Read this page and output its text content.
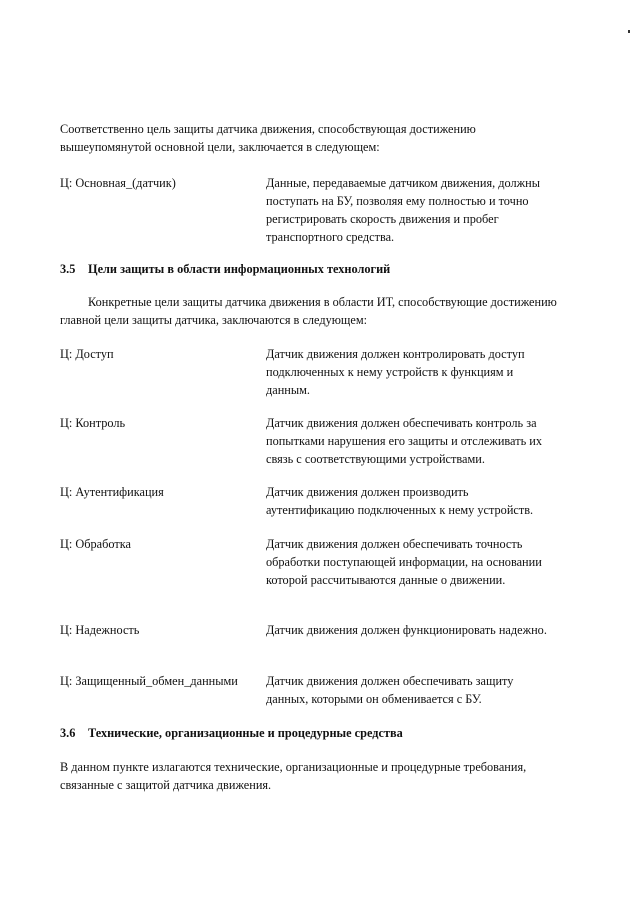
Соответственно цель защиты датчика движения, способствующая достижению вышеупомянутой основной цели, заключается в следующем:

Ц: Основная_(датчик)	Данные, передаваемые датчиком движения, должны поступать на БУ, позволяя ему полностью и точно регистрировать скорость движения и пробег транспортного средства.
3.5 Цели защиты в области информационных технологий

Конкретные цели защиты датчика движения в области ИТ, способствующие достижению главной цели защиты датчика, заключаются в следующем:

Ц: Доступ	Датчик движения должен контролировать доступ подключенных к нему устройств к функциям и данным.
Ц: Контроль	Датчик движения должен обеспечивать контроль за попытками нарушения его защиты и отслеживать их связь с соответствующими устройствами.
Ц: Аутентификация	Датчик движения должен производить аутентификацию подключенных к нему устройств.
Ц: Обработка	Датчик движения должен обеспечивать точность обработки поступающей информации, на основании которой рассчитываются данные о движении.
Ц: Надежность	Датчик движения должен функционировать надежно.
Ц: Защищенный_обмен_данными	Датчик движения должен обеспечивать защиту данных, которыми он обменивается с БУ.
3.6 Технические, организационные и процедурные средства

В данном пункте излагаются технические, организационные и процедурные требования, связанные с защитой датчика движения.
